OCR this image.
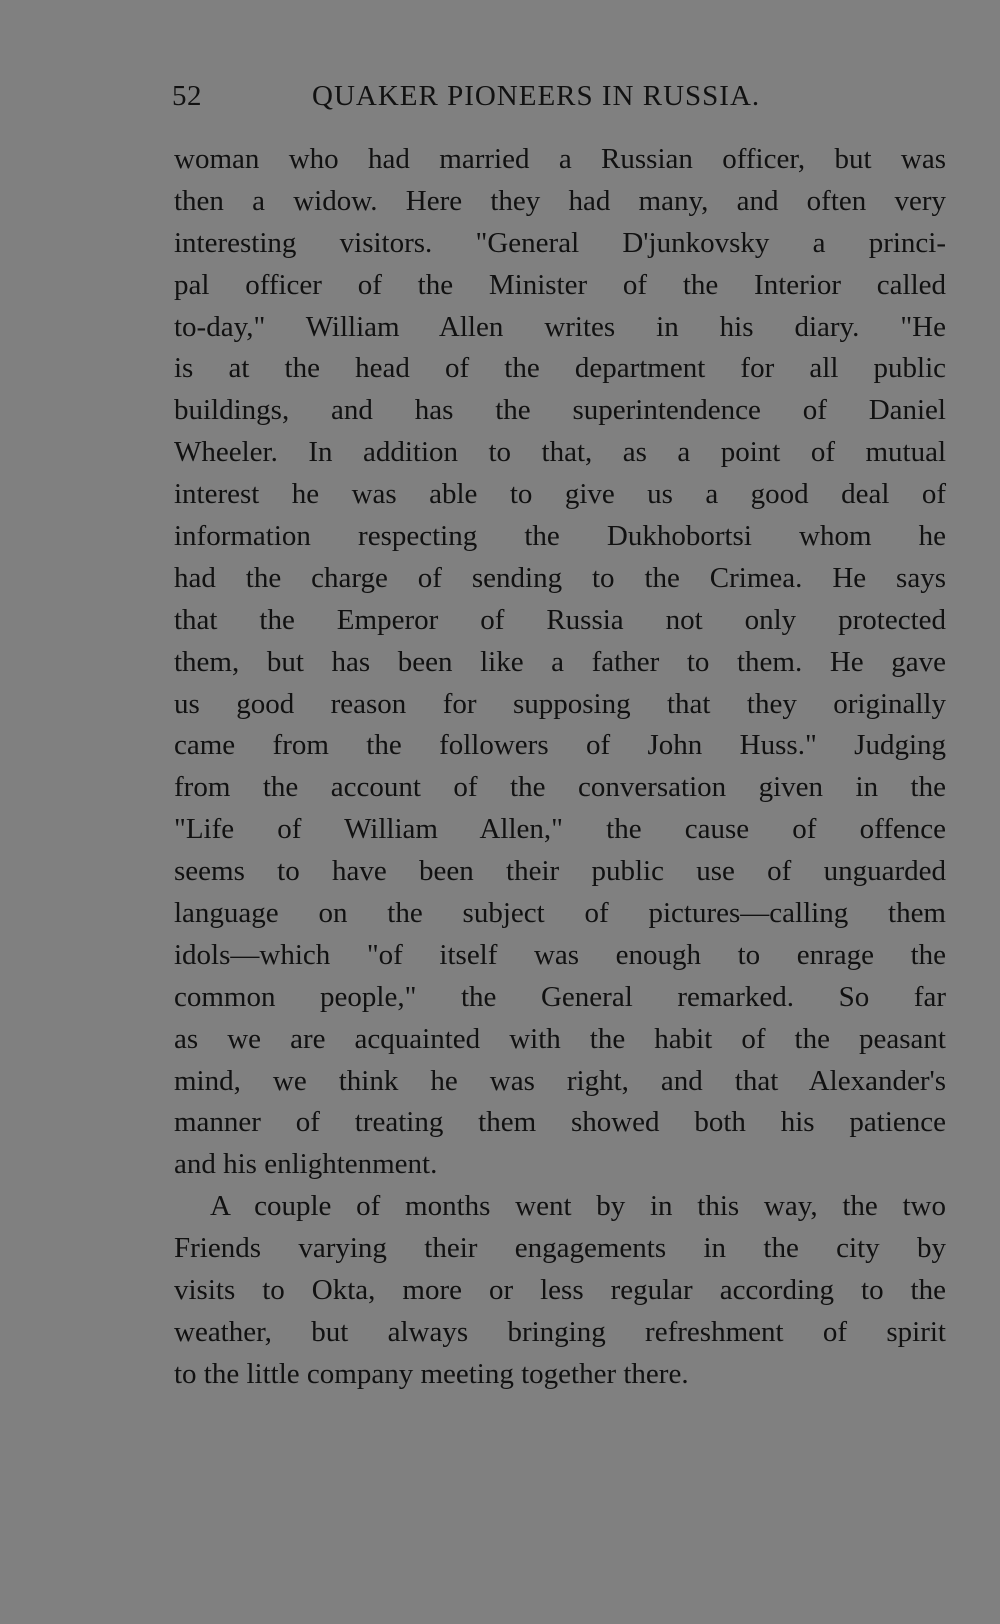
52	QUAKER PIONEERS IN RUSSIA.
woman who had married a Russian officer, but was
then a widow. Here they had many, and often very
interesting visitors. "General D'junkovsky a princi-
pal officer of the Minister of the Interior called
to-day," William Allen writes in his diary. "He
is at the head of the department for all public
buildings, and has the superintendence of Daniel
Wheeler. In addition to that, as a point of mutual
interest he was able to give us a good deal of
information respecting the Dukhobortsi whom he
had the charge of sending to the Crimea. He says
that the Emperor of Russia not only protected
them, but has been like a father to them. He gave
us good reason for supposing that they originally
came from the followers of John Huss." Judging
from the account of the conversation given in the
"Life of William Allen," the cause of offence
seems to have been their public use of unguarded
language on the subject of pictures—calling them
idols—which "of itself was enough to enrage the
common people," the General remarked. So far
as we are acquainted with the habit of the peasant
mind, we think he was right, and that Alexander's
manner of treating them showed both his patience
and his enlightenment.
A couple of months went by in this way, the two
Friends varying their engagements in the city by
visits to Okta, more or less regular according to the
weather, but always bringing refreshment of spirit
to the little company meeting together there.
